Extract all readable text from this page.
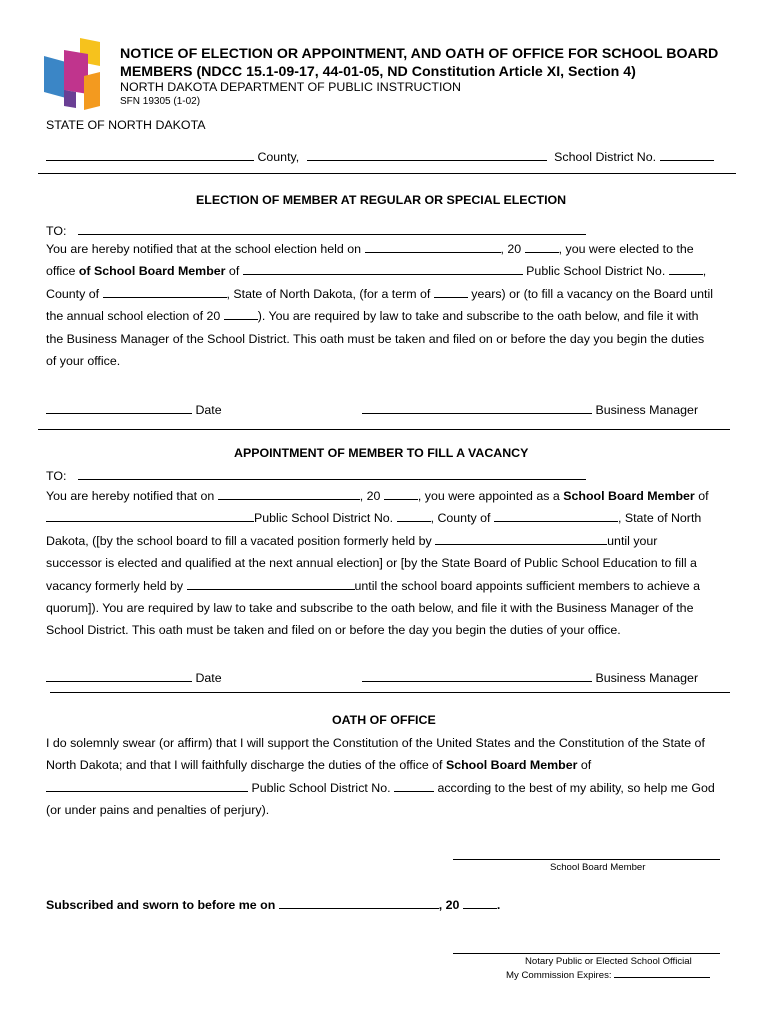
NOTICE OF ELECTION OR APPOINTMENT, AND OATH OF OFFICE FOR SCHOOL BOARD
MEMBERS (NDCC 15.1-09-17, 44-01-05, ND Constitution Article XI, Section 4)
NORTH DAKOTA DEPARTMENT OF PUBLIC INSTRUCTION
SFN 19305 (1-02)
STATE OF NORTH DAKOTA
County,	School District No.
ELECTION OF MEMBER AT REGULAR OR SPECIAL ELECTION
TO:
You are hereby notified that at the school election held on	, 20	, you were elected to the
office of School Board Member of	Public School District No.	,
County of	, State of North Dakota, (for a term of	years) or (to fill a vacancy on the Board until
the annual school election of 20	). You are required by law to take and subscribe to the oath below, and file it with
the Business Manager of the School District. This oath must be taken and filed on or before the day you begin the duties
of your office.
Date	Business Manager
APPOINTMENT OF MEMBER TO FILL A VACANCY
TO:
You are hereby notified that on	, 20	, you were appointed as a School Board Member of
Public School District No.	, County of	, State of North
Dakota, ([by the school board to fill a vacated position formerly held by	until your
successor is elected and qualified at the next annual election] or [by the State Board of Public School Education to fill a
vacancy formerly held by	until the school board appoints sufficient members to achieve a
quorum]). You are required by law to take and subscribe to the oath below, and file it with the Business Manager of the
School District. This oath must be taken and filed on or before the day you begin the duties of your office.
Date	Business Manager
OATH OF OFFICE
I do solemnly swear (or affirm) that I will support the Constitution of the United States and the Constitution of the State of
North Dakota; and that I will faithfully discharge the duties of the office of School Board Member of
Public School District No.	according to the best of my ability, so help me God
(or under pains and penalties of perjury).
School Board Member
Subscribed and sworn to before me on	, 20	.
Notary Public or Elected School Official
My Commission Expires:
